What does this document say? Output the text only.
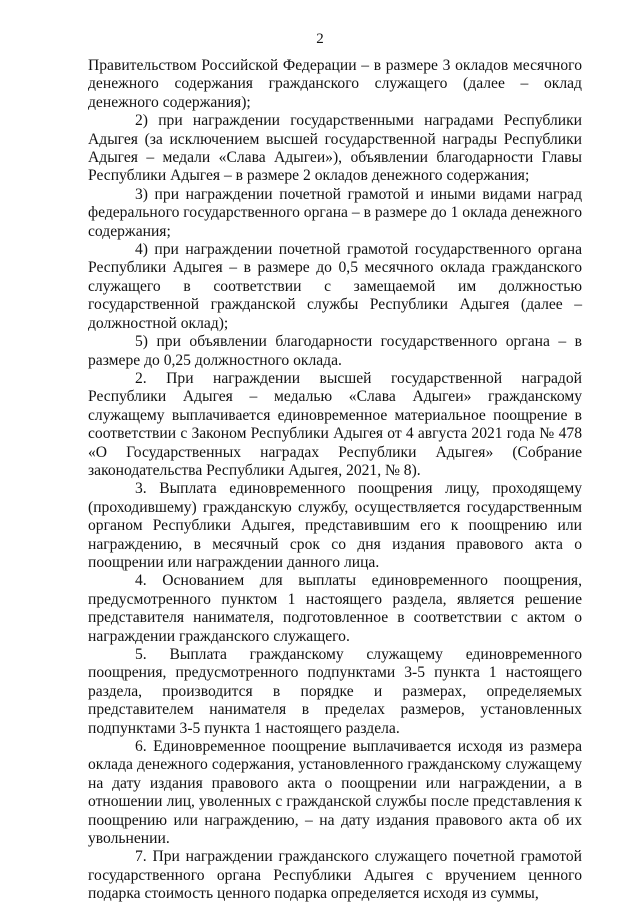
2

Правительством Российской Федерации – в размере 3 окладов месячного денежного содержания гражданского служащего (далее – оклад денежного содержания);

2) при награждении государственными наградами Республики Адыгея (за исключением высшей государственной награды Республики Адыгея – медали «Слава Адыгеи»), объявлении благодарности Главы Республики Адыгея – в размере 2 окладов денежного содержания;

3) при награждении почетной грамотой и иными видами наград федерального государственного органа – в размере до 1 оклада денежного содержания;

4) при награждении почетной грамотой государственного органа Республики Адыгея – в размере до 0,5 месячного оклада гражданского служащего в соответствии с замещаемой им должностью государственной гражданской службы Республики Адыгея (далее – должностной оклад);

5) при объявлении благодарности государственного органа – в размере до 0,25 должностного оклада.

2. При награждении высшей государственной наградой Республики Адыгея – медалью «Слава Адыгеи» гражданскому служащему выплачивается единовременное материальное поощрение в соответствии с Законом Республики Адыгея от 4 августа 2021 года № 478 «О Государственных наградах Республики Адыгея» (Собрание законодательства Республики Адыгея, 2021, № 8).

3. Выплата единовременного поощрения лицу, проходящему (проходившему) гражданскую службу, осуществляется государственным органом Республики Адыгея, представившим его к поощрению или награждению, в месячный срок со дня издания правового акта о поощрении или награждении данного лица.

4. Основанием для выплаты единовременного поощрения, предусмотренного пунктом 1 настоящего раздела, является решение представителя нанимателя, подготовленное в соответствии с актом о награждении гражданского служащего.

5. Выплата гражданскому служащему единовременного поощрения, предусмотренного подпунктами 3-5 пункта 1 настоящего раздела, производится в порядке и размерах, определяемых представителем нанимателя в пределах размеров, установленных подпунктами 3-5 пункта 1 настоящего раздела.

6. Единовременное поощрение выплачивается исходя из размера оклада денежного содержания, установленного гражданскому служащему на дату издания правового акта о поощрении или награждении, а в отношении лиц, уволенных с гражданской службы после представления к поощрению или награждению, – на дату издания правового акта об их увольнении.

7. При награждении гражданского служащего почетной грамотой государственного органа Республики Адыгея с вручением ценного подарка стоимость ценного подарка определяется исходя из суммы,
